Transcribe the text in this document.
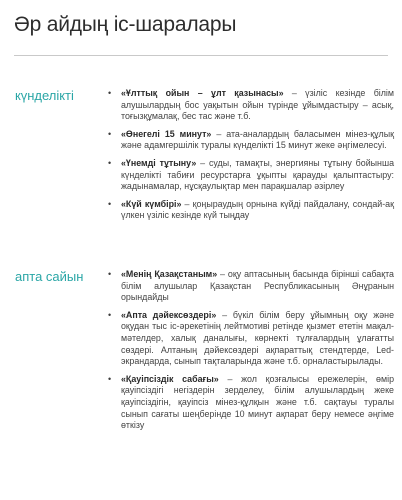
Әр айдың іс-шаралары
күнделікті	• «Ұлттық ойын – ұлт қазынасы» – үзіліс кезінде білім алушылардың бос уақытын ойын түрінде ұйымдастыру – асық, тоғызқұмалақ, бес тас және т.б.
• «Өнегелі 15 минут» – ата-аналардың баласымен мінез-құлық және адамгершілік туралы күнделікті 15 минут жеке әңгімелесуі.
• «Үнемді тұтыну» – суды, тамақты, энергияны тұтыну бойынша күнделікті табиғи ресурстарға ұқыпты қарауды қалыптастыру: жадынамалар, нұсқаулықтар мен парақшалар әзірлеу
• «Күй күмбірі» – қоңыраудың орнына күйді пайдалану, сондай-ақ үлкен үзіліс кезінде күй тыңдау
апта сайын	• «Менің Қазақстаным» – оқу аптасының басында бірінші сабақта білім алушылар Қазақстан Республикасының Әнұранын орындайды
• «Апта дәйексөздері» – бүкіл білім беру ұйымның оқу және оқудан тыс іс-әрекетінің лейтмотиві ретінде қызмет ететін мақал-мәтелдер, халық даналығы, көрнекті тұлғалардың ұлағатты сөздері. Алтаның дәйексөздері ақпараттық стендтерде, Led-экрандарда, сынып тақталарында және т.б. орналастырылады.
• «Қауіпсіздік сабағы» – жол қозғалысы ережелерін, өмір қауіпсіздігі негіздерін зерделеу, білім алушылардың жеке қауіпсіздігін, қауіпсіз мінез-құлқын және т.б. сақтауы туралы сынып сағаты шеңберінде 10 минут ақпарат беру немесе әңгіме өткізу
